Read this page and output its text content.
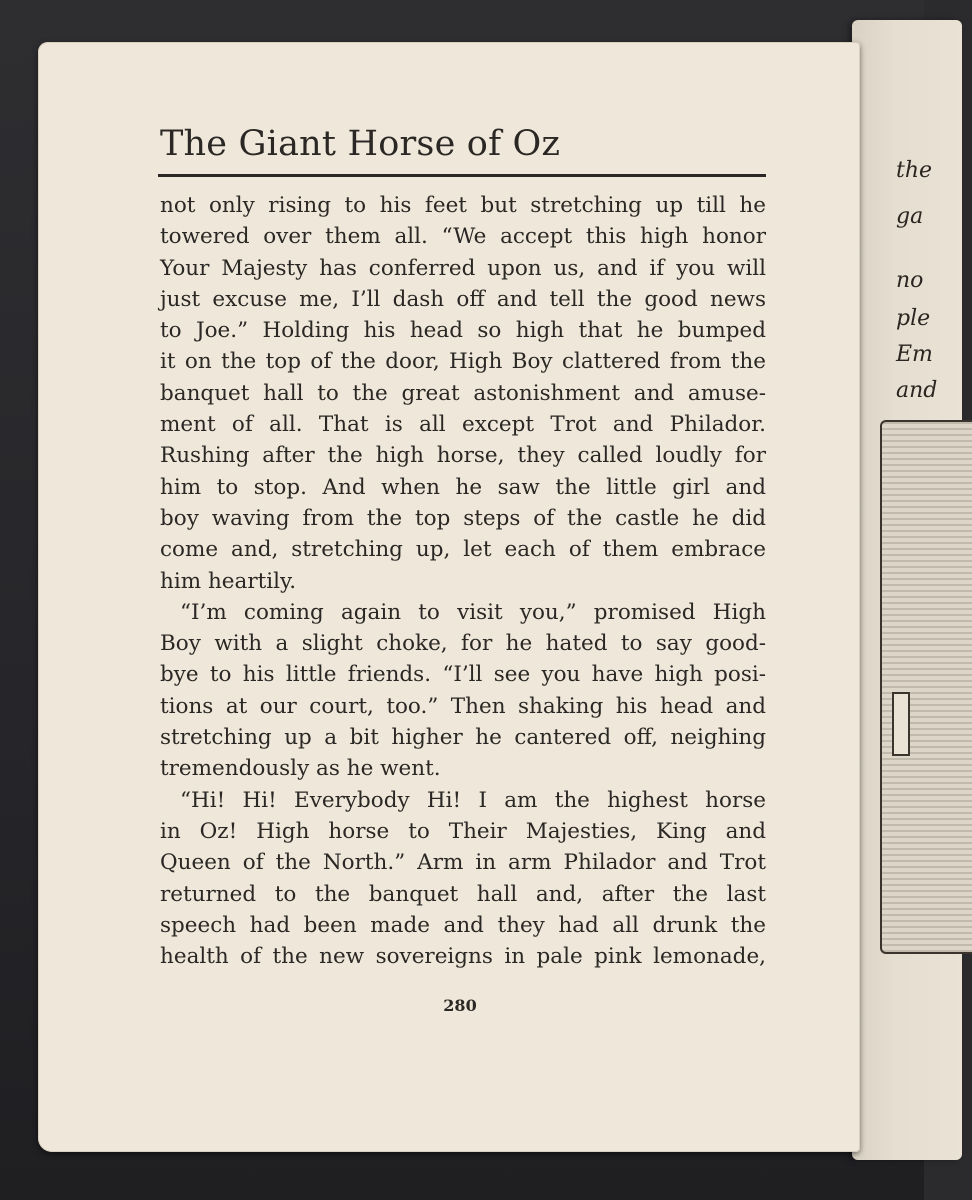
the
ga
no
ple
Em
and
The Giant Horse of Oz

not only rising to his feet but stretching up till he
towered over them all. “We accept this high honor
Your Majesty has conferred upon us, and if you will
just excuse me, I’ll dash off and tell the good news
to Joe.” Holding his head so high that he bumped
it on the top of the door, High Boy clattered from the
banquet hall to the great astonishment and amuse-
ment of all. That is all except Trot and Philador.
Rushing after the high horse, they called loudly for
him to stop. And when he saw the little girl and
boy waving from the top steps of the castle he did
come and, stretching up, let each of them embrace
him heartily.

“I’m coming again to visit you,” promised High
Boy with a slight choke, for he hated to say good-
bye to his little friends. “I’ll see you have high posi-
tions at our court, too.” Then shaking his head and
stretching up a bit higher he cantered off, neighing
tremendously as he went.

“Hi! Hi! Everybody Hi! I am the highest horse
in Oz! High horse to Their Majesties, King and
Queen of the North.” Arm in arm Philador and Trot
returned to the banquet hall and, after the last
speech had been made and they had all drunk the
health of the new sovereigns in pale pink lemonade,

280
